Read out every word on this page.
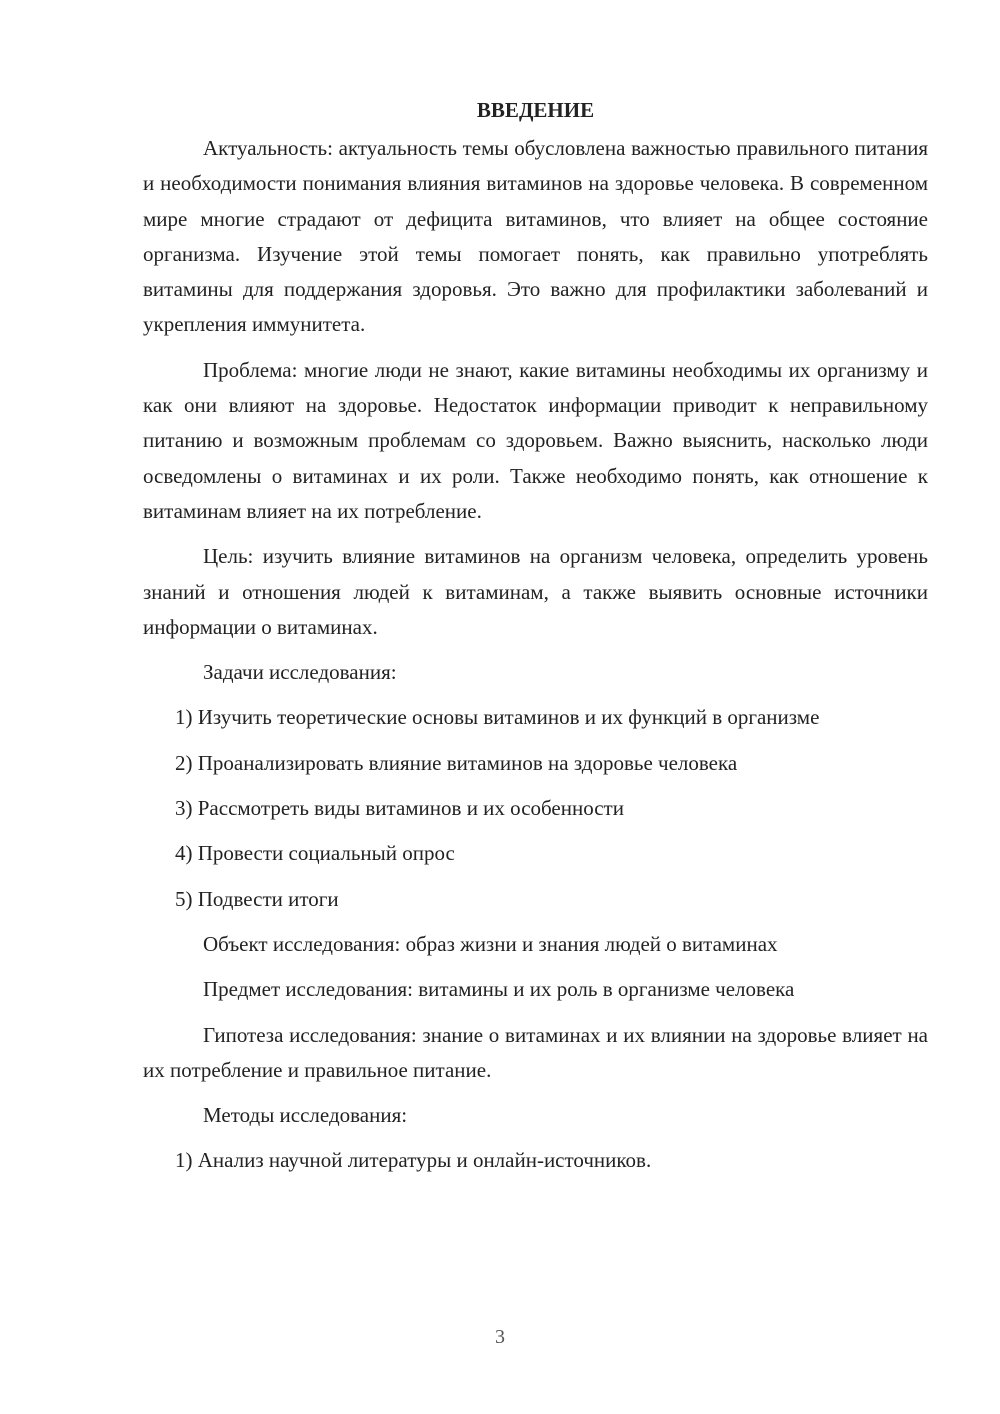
ВВЕДЕНИЕ

Актуальность: актуальность темы обусловлена важностью правильного питания и необходимости понимания влияния витаминов на здоровье человека. В современном мире многие страдают от дефицита витаминов, что влияет на общее состояние организма. Изучение этой темы помогает понять, как правильно употреблять витамины для поддержания здоровья. Это важно для профилактики заболеваний и укрепления иммунитета.

Проблема: многие люди не знают, какие витамины необходимы их организму и как они влияют на здоровье. Недостаток информации приводит к неправильному питанию и возможным проблемам со здоровьем. Важно выяснить, насколько люди осведомлены о витаминах и их роли. Также необходимо понять, как отношение к витаминам влияет на их потребление.

Цель: изучить влияние витаминов на организм человека, определить уровень знаний и отношения людей к витаминам, а также выявить основные источники информации о витаминах.

Задачи исследования:

1) Изучить теоретические основы витаминов и их функций в организме

2) Проанализировать влияние витаминов на здоровье человека

3) Рассмотреть виды витаминов и их особенности

4) Провести социальный опрос

5) Подвести итоги

Объект исследования: образ жизни и знания людей о витаминах

Предмет исследования: витамины и их роль в организме человека

Гипотеза исследования: знание о витаминах и их влиянии на здоровье влияет на их потребление и правильное питание.

Методы исследования:

1) Анализ научной литературы и онлайн-источников.

3
